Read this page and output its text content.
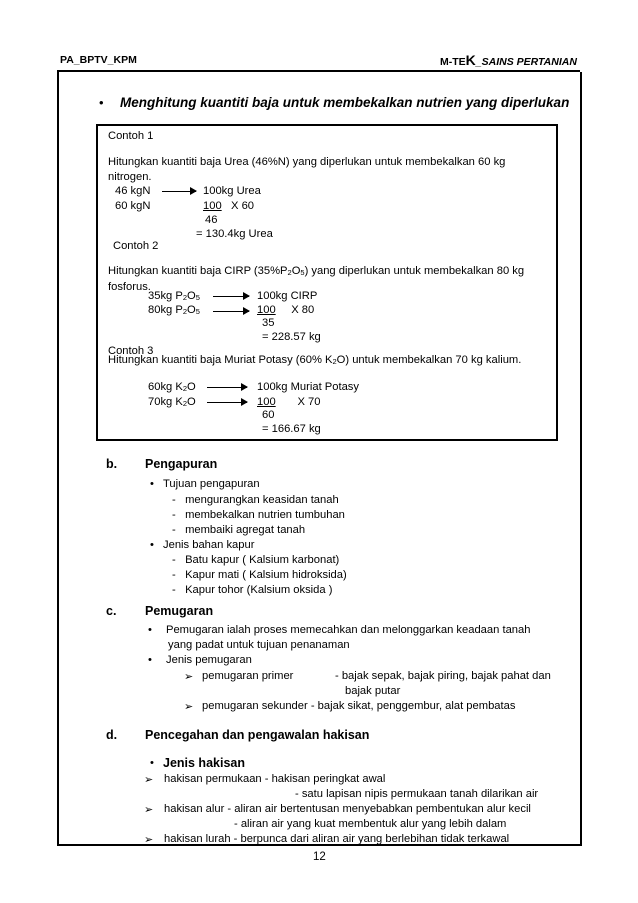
PA_BPTV_KPM	M-TEK_SAINS PERTANIAN
• Menghitung kuantiti baja untuk membekalkan nutrien yang diperlukan
Contoh 1
Hitungkan kuantiti baja Urea (46%N) yang diperlukan untuk membekalkan 60 kg nitrogen.
46 kgN	100kg Urea
60 kgN	100 X 60
46
= 130.4kg Urea
Contoh 2
Hitungkan kuantiti baja CIRP $(35\%P_2O_5)$ yang diperlukan untuk membekalkan 80 kg fosforus.
35kg $P_2O_5$	100kg CIRP
80kg $P_2O_5$	100 X 80
35
= 228.57 kg
Contoh 3
Hitungkan kuantiti baja Muriat Potasy (60% $K_2O$) untuk membekalkan 70 kg kalium.
60kg $K_2O$	100kg Muriat Potasy
70kg $K_2O$	100 X 70
60
= 166.67 kg
b. Pengapuran
• Tujuan pengapuran
-   mengurangkan keasidan tanah
-   membekalkan nutrien tumbuhan
-   membaiki agregat tanah
• Jenis bahan kapur
-   Batu kapur ( Kalsium karbonat)
-   Kapur mati ( Kalsium hidroksida)
-   Kapur tohor (Kalsium oksida )
c. Pemugaran
• Pemugaran ialah proses memecahkan dan melonggarkan keadaan tanah
yang padat untuk tujuan penanaman
• Jenis pemugaran
➢ pemugaran primer	- bajak sepak, bajak piring, bajak pahat dan
bajak putar
➢ pemugaran sekunder - bajak sikat, penggembur, alat pembatas
d. Pencegahan dan pengawalan hakisan
• Jenis hakisan
➢ hakisan permukaan - hakisan peringkat awal
- satu lapisan nipis permukaan tanah dilarikan air
➢ hakisan alur - aliran air bertentusan menyebabkan pembentukan alur kecil
- aliran air yang kuat membentuk alur yang lebih dalam
➢ hakisan lurah - berpunca dari aliran air yang berlebihan tidak terkawal
12
